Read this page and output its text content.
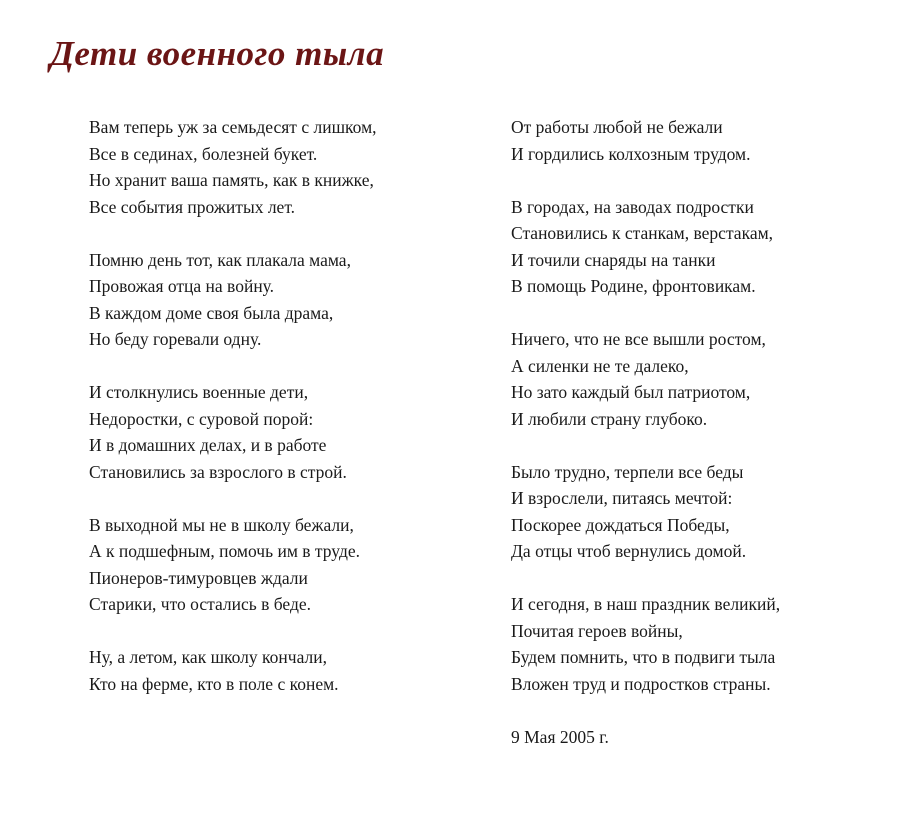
Дети военного тыла
Вам теперь уж за семьдесят с лишком,
Все в сединах, болезней букет.
Но хранит ваша память, как в книжке,
Все события прожитых лет.
Помню день тот, как плакала мама,
Провожая отца на войну.
В каждом доме своя была драма,
Но беду горевали одну.
И столкнулись военные дети,
Недоростки, с суровой порой:
И в домашних делах, и в работе
Становились за взрослого в строй.
В выходной мы не в школу бежали,
А к подшефным, помочь им в труде.
Пионеров-тимуровцев ждали
Старики, что остались в беде.
Ну, а летом, как школу кончали,
Кто на ферме, кто в поле с конем.
От работы любой не бежали
И гордились колхозным трудом.
В городах, на заводах подростки
Становились к станкам, верстакам,
И точили снаряды на танки
В помощь Родине, фронтовикам.
Ничего, что не все вышли ростом,
А силенки не те далеко,
Но зато каждый был патриотом,
И любили страну глубоко.
Было трудно, терпели все беды
И взрослели, питаясь мечтой:
Поскорее дождаться Победы,
Да отцы чтоб вернулись домой.
И сегодня, в наш праздник великий,
Почитая героев войны,
Будем помнить, что в подвиги тыла
Вложен труд и подростков страны.
9 Мая 2005 г.
